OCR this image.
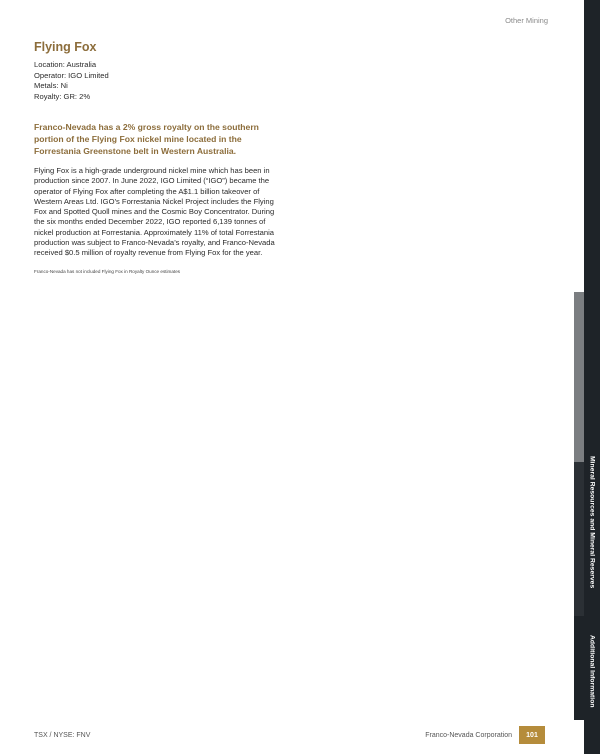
Other Mining
Flying Fox
Location: Australia
Operator: IGO Limited
Metals: Ni
Royalty: GR: 2%
Franco-Nevada has a 2% gross royalty on the southern portion of the Flying Fox nickel mine located in the Forrestania Greenstone belt in Western Australia.
Flying Fox is a high-grade underground nickel mine which has been in production since 2007. In June 2022, IGO Limited (“IGO”) became the operator of Flying Fox after completing the A$1.1 billion takeover of Western Areas Ltd. IGO’s Forrestania Nickel Project includes the Flying Fox and Spotted Quoll mines and the Cosmic Boy Concentrator. During the six months ended December 2022, IGO reported 6,139 tonnes of nickel production at Forrestania. Approximately 11% of total Forrestania production was subject to Franco-Nevada’s royalty, and Franco-Nevada received $0.5 million of royalty revenue from Flying Fox for the year.
Franco-Nevada has not included Flying Fox in Royalty Ounce estimates
TSX / NYSE: FNV	Franco-Nevada Corporation	101
Mineral Resources and Mineral Reserves
Additional Information
